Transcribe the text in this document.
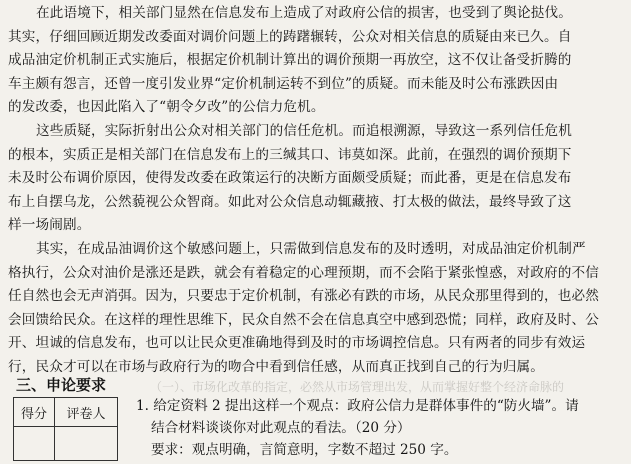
在此语境下，相关部门显然在信息发布上造成了对政府公信的损害，也受到了舆论挞伐。
其实，仔细回顾近期发改委面对调价问题上的踌躇辗转，公众对相关信息的质疑由来已久。自
成品油定价机制正式实施后，根据定价机制计算出的调价预期一再放空，这不仅让备受折腾的
车主颇有怨言，还曾一度引发业界“定价机制运转不到位”的质疑。而未能及时公布涨跌因由
的发改委，也因此陷入了“朝令夕改”的公信力危机。
这些质疑，实际折射出公众对相关部门的信任危机。而追根溯源，导致这一系列信任危机
的根本，实质正是相关部门在信息发布上的三缄其口、讳莫如深。此前，在强烈的调价预期下
未及时公布调价原因，使得发改委在政策运行的决断方面颇受质疑；而此番，更是在信息发布
布上自摆乌龙，公然藐视公众智商。如此对公众信息动辄藏掖、打太极的做法，最终导致了这
样一场闹剧。
其实，在成品油调价这个敏感问题上，只需做到信息发布的及时透明，对成品油定价机制严
格执行，公众对油价是涨还是跌，就会有着稳定的心理预期，而不会陷于紧张惶惑，对政府的不信
任自然也会无声消弭。因为，只要忠于定价机制，有涨必有跌的市场，从民众那里得到的，也必然
会回馈给民众。在这样的理性思维下，民众自然不会在信息真空中感到恐慌；同样，政府及时、公
开、坦诚的信息发布，也可以让民众更准确地得到及时的市场调控信息。只有两者的同步有效运
行，民众才可以在市场与政府行为的吻合中看到信任感，从而真正找到自己的行为归属。
（一）、市场化改革的指定，必然从市场管理出发，从而掌握好整个经济命脉的
三、申论要求
得分	评卷人
	1. 给定资料 2 提出这样一个观点：政府公信力是群体事件的“防火墙”。请
结合材料谈谈你对此观点的看法。（20 分）
要求：观点明确，言简意明，字数不超过 250 字。
